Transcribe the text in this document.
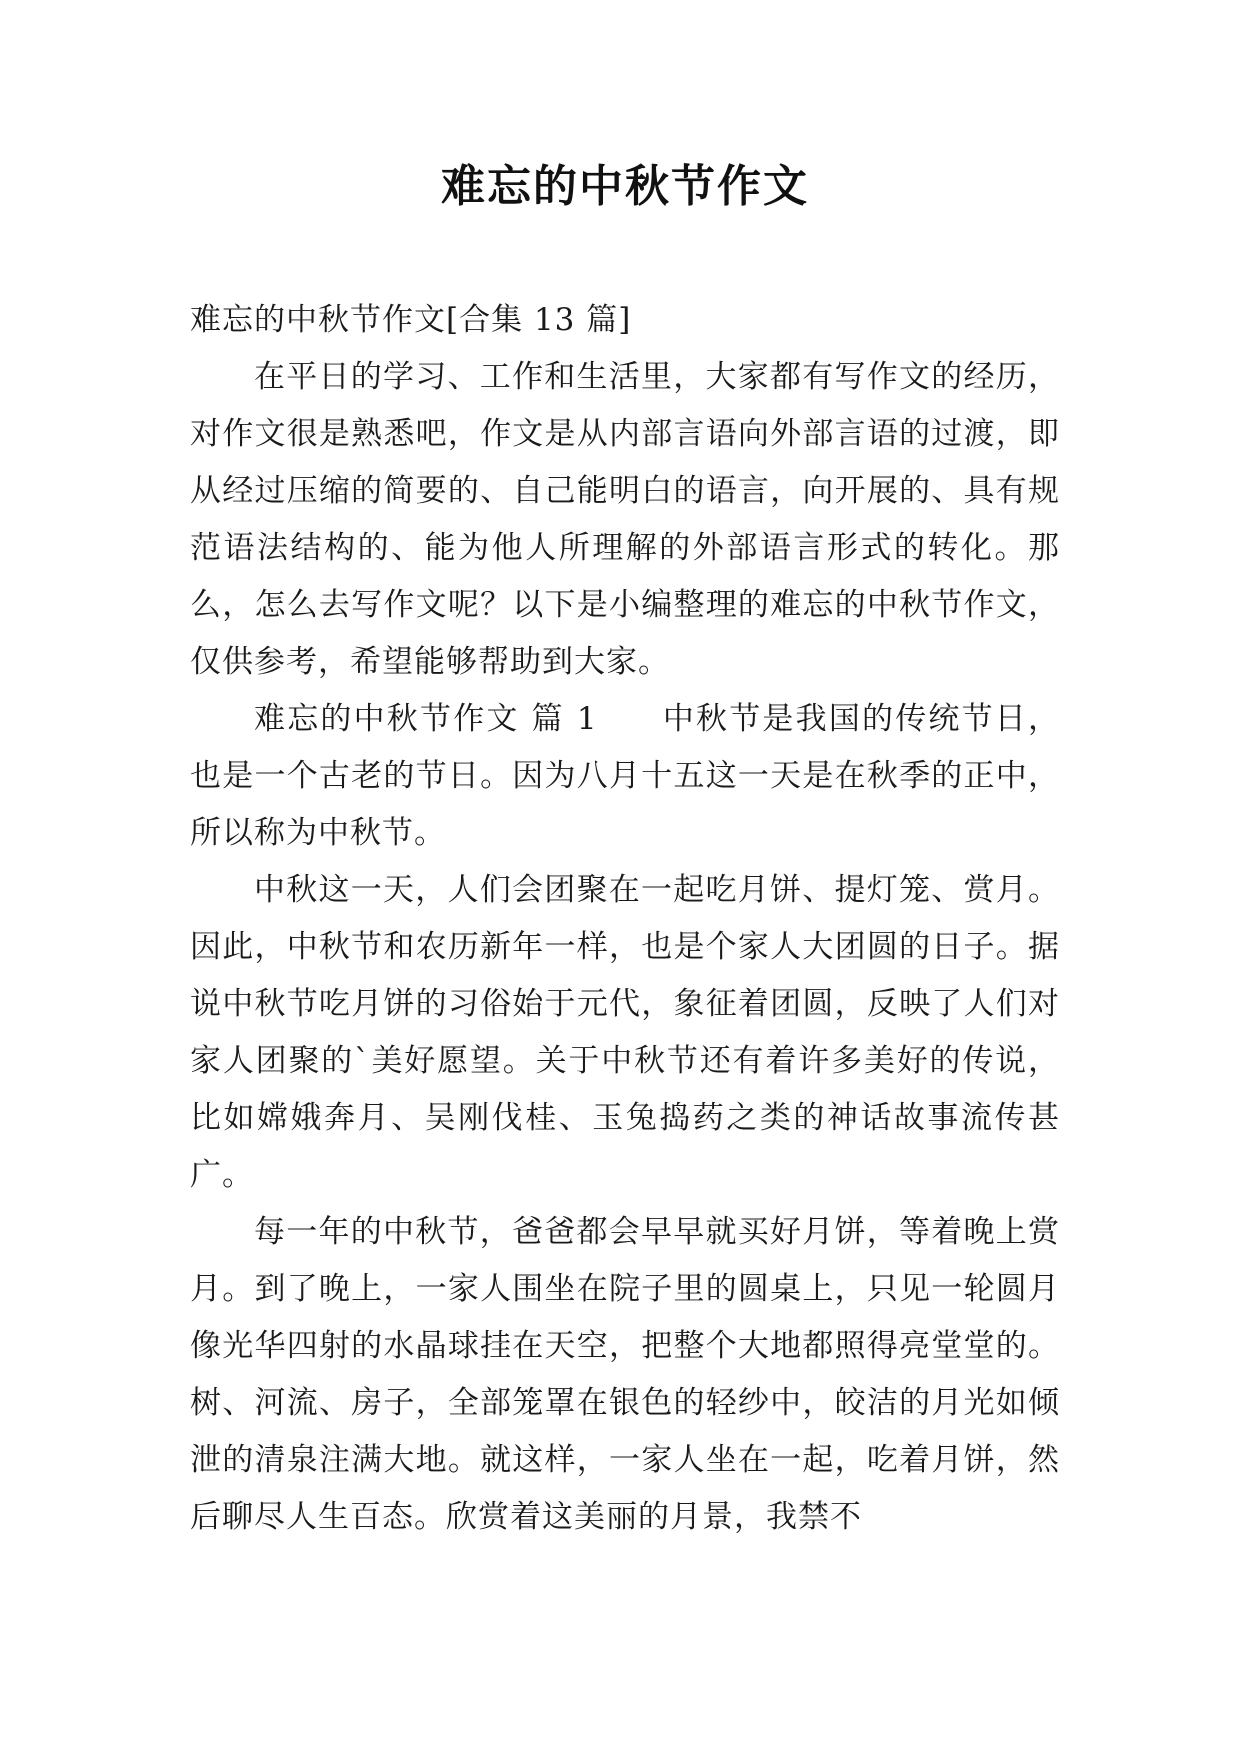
难忘的中秋节作文
难忘的中秋节作文[合集 13 篇]

在平日的学习、工作和生活里，大家都有写作文的经历，对作文很是熟悉吧，作文是从内部言语向外部言语的过渡，即从经过压缩的简要的、自己能明白的语言，向开展的、具有规范语法结构的、能为他人所理解的外部语言形式的转化。那么，怎么去写作文呢？以下是小编整理的难忘的中秋节作文，仅供参考，希望能够帮助到大家。

难忘的中秋节作文 篇 1 中秋节是我国的传统节日，也是一个古老的节日。因为八月十五这一天是在秋季的正中，所以称为中秋节。

中秋这一天，人们会团聚在一起吃月饼、提灯笼、赏月。因此，中秋节和农历新年一样，也是个家人大团圆的日子。据说中秋节吃月饼的习俗始于元代，象征着团圆，反映了人们对家人团聚的`美好愿望。关于中秋节还有着许多美好的传说，比如嫦娥奔月、吴刚伐桂、玉兔捣药之类的神话故事流传甚广。

每一年的中秋节，爸爸都会早早就买好月饼，等着晚上赏月。到了晚上，一家人围坐在院子里的圆桌上，只见一轮圆月像光华四射的水晶球挂在天空，把整个大地都照得亮堂堂的。树、河流、房子，全部笼罩在银色的轻纱中，皎洁的月光如倾泄的清泉注满大地。就这样，一家人坐在一起，吃着月饼，然后聊尽人生百态。欣赏着这美丽的月景，我禁不
